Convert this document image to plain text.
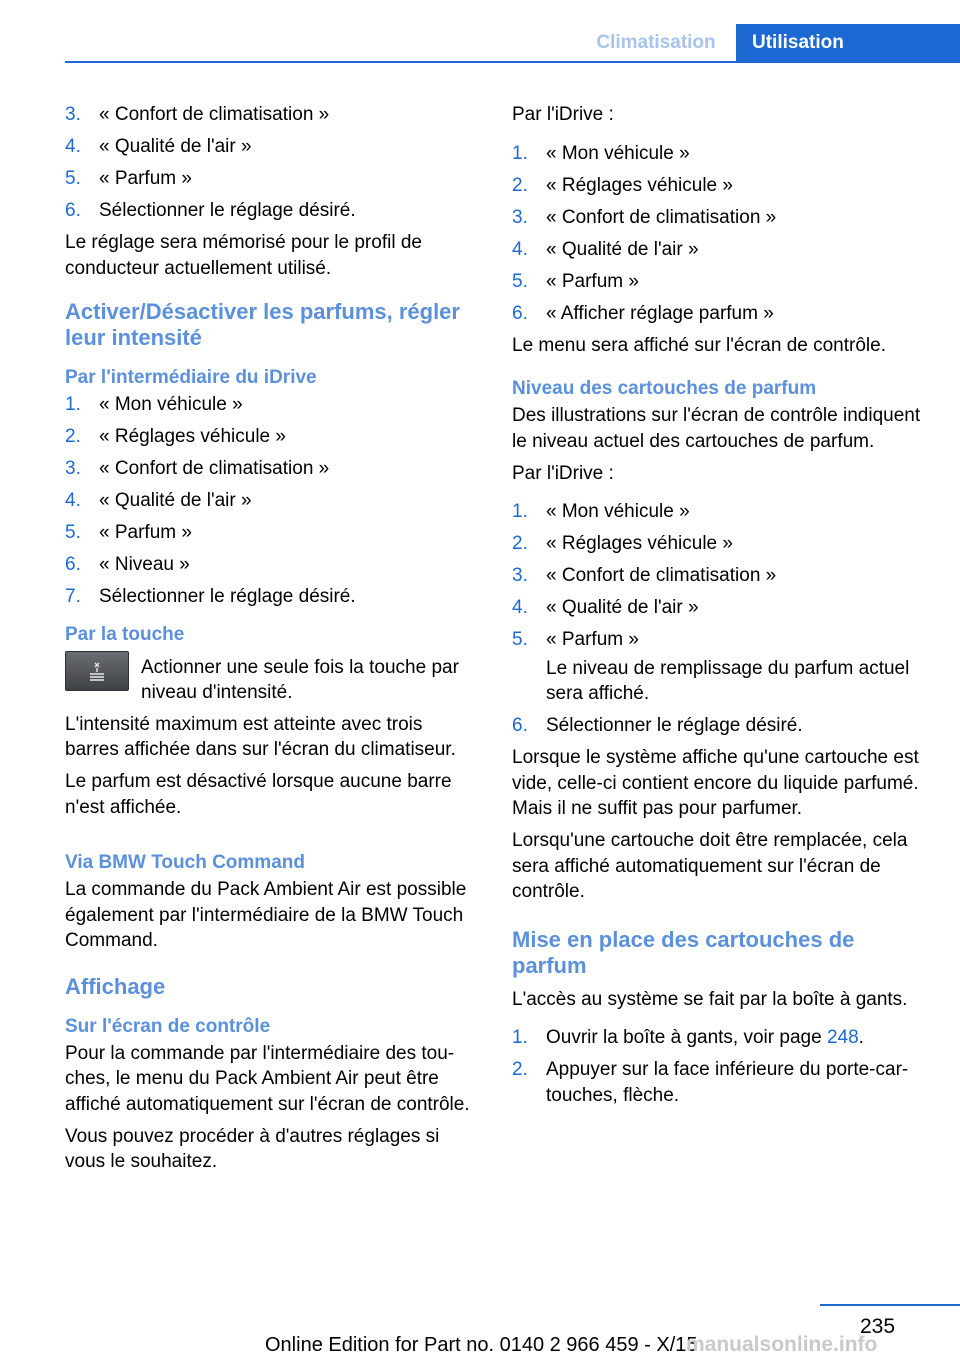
Climatisation	Utilisation
3. « Confort de climatisation »
4. « Qualité de l'air »
5. « Parfum »
6. Sélectionner le réglage désiré.

Le réglage sera mémorisé pour le profil de conducteur actuellement utilisé.

Activer/Désactiver les parfums, régler leur intensité
Par l'intermédiaire du iDrive
1. « Mon véhicule »
2. « Réglages véhicule »
3. « Confort de climatisation »
4. « Qualité de l'air »
5. « Parfum »
6. « Niveau »
7. Sélectionner le réglage désiré.
Par la touche
Actionner une seule fois la touche par niveau d'intensité.

L'intensité maximum est atteinte avec trois barres affichée dans sur l'écran du climatiseur.

Le parfum est désactivé lorsque aucune barre n'est affichée.

Via BMW Touch Command

La commande du Pack Ambient Air est possible également par l'intermédiaire de la BMW Touch Command.

Affichage
Sur l'écran de contrôle

Pour la commande par l'intermédiaire des touches, le menu du Pack Ambient Air peut être affiché automatiquement sur l'écran de contrôle.

Vous pouvez procéder à d'autres réglages si vous le souhaitez.

Par l'iDrive :

1. « Mon véhicule »
2. « Réglages véhicule »
3. « Confort de climatisation »
4. « Qualité de l'air »
5. « Parfum »
6. « Afficher réglage parfum »

Le menu sera affiché sur l'écran de contrôle.

Niveau des cartouches de parfum

Des illustrations sur l'écran de contrôle indiquent le niveau actuel des cartouches de parfum.

Par l'iDrive :

1. « Mon véhicule »
2. « Réglages véhicule »
3. « Confort de climatisation »
4. « Qualité de l'air »
5. « Parfum »

Le niveau de remplissage du parfum actuel sera affiché.

6. Sélectionner le réglage désiré.

Lorsque le système affiche qu'une cartouche est vide, celle-ci contient encore du liquide parfumé. Mais il ne suffit pas pour parfumer.

Lorsqu'une cartouche doit être remplacée, cela sera affiché automatiquement sur l'écran de contrôle.

Mise en place des cartouches de parfum

L'accès au système se fait par la boîte à gants.

1. Ouvrir la boîte à gants, voir page 248.
2. Appuyer sur la face inférieure du porte-cartouches, flèche.
235
Online Edition for Part no. 0140 2 966 459 - X/15
manualsonline.info
